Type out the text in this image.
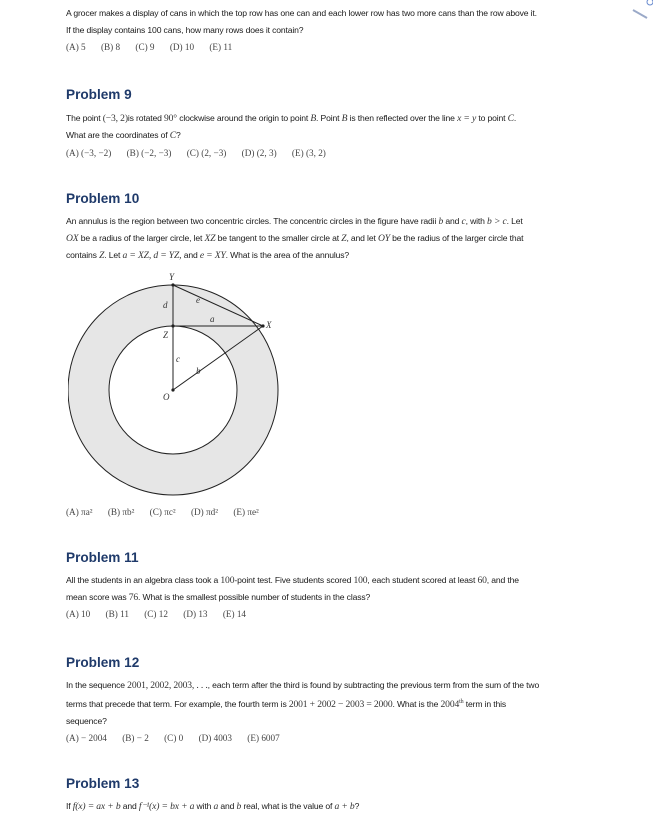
A grocer makes a display of cans in which the top row has one can and each lower row has two more cans than the row above it.

If the display contains 100 cans, how many rows does it contain?

(A) 5 (B) 8 (C) 9 (D) 10 (E) 11

Problem 9

The point (−3, 2)is rotated 90° clockwise around the origin to point B. Point B is then reflected over the line x = y to point C.

What are the coordinates of C?

(A) (−3, −2) (B) (−2, −3) (C) (2, −3) (D) (2, 3) (E) (3, 2)

Problem 10

An annulus is the region between two concentric circles. The concentric circles in the figure have radii b and c, with b > c. Let

OX be a radius of the larger circle, let XZ be tangent to the smaller circle at Z, and let OY be the radius of the larger circle that

contains Z. Let a = XZ, d = YZ, and e = XY. What is the area of the annulus?

Y
d	e
a
X
Z
c
b
O

(A) πa² (B) πb² (C) πc² (D) πd² (E) πe²

Problem 11

All the students in an algebra class took a 100-point test. Five students scored 100, each student scored at least 60, and the

mean score was 76. What is the smallest possible number of students in the class?

(A) 10 (B) 11 (C) 12 (D) 13 (E) 14

Problem 12

In the sequence 2001, 2002, 2003, . . ., each term after the third is found by subtracting the previous term from the sum of the two

terms that precede that term. For example, the fourth term is 2001 + 2002 − 2003 = 2000. What is the 2004th term in this

sequence?

(A) − 2004 (B) − 2 (C) 0 (D) 4003 (E) 6007

Problem 13

If f(x) = ax + b and f⁻¹(x) = bx + a with a and b real, what is the value of a + b?
